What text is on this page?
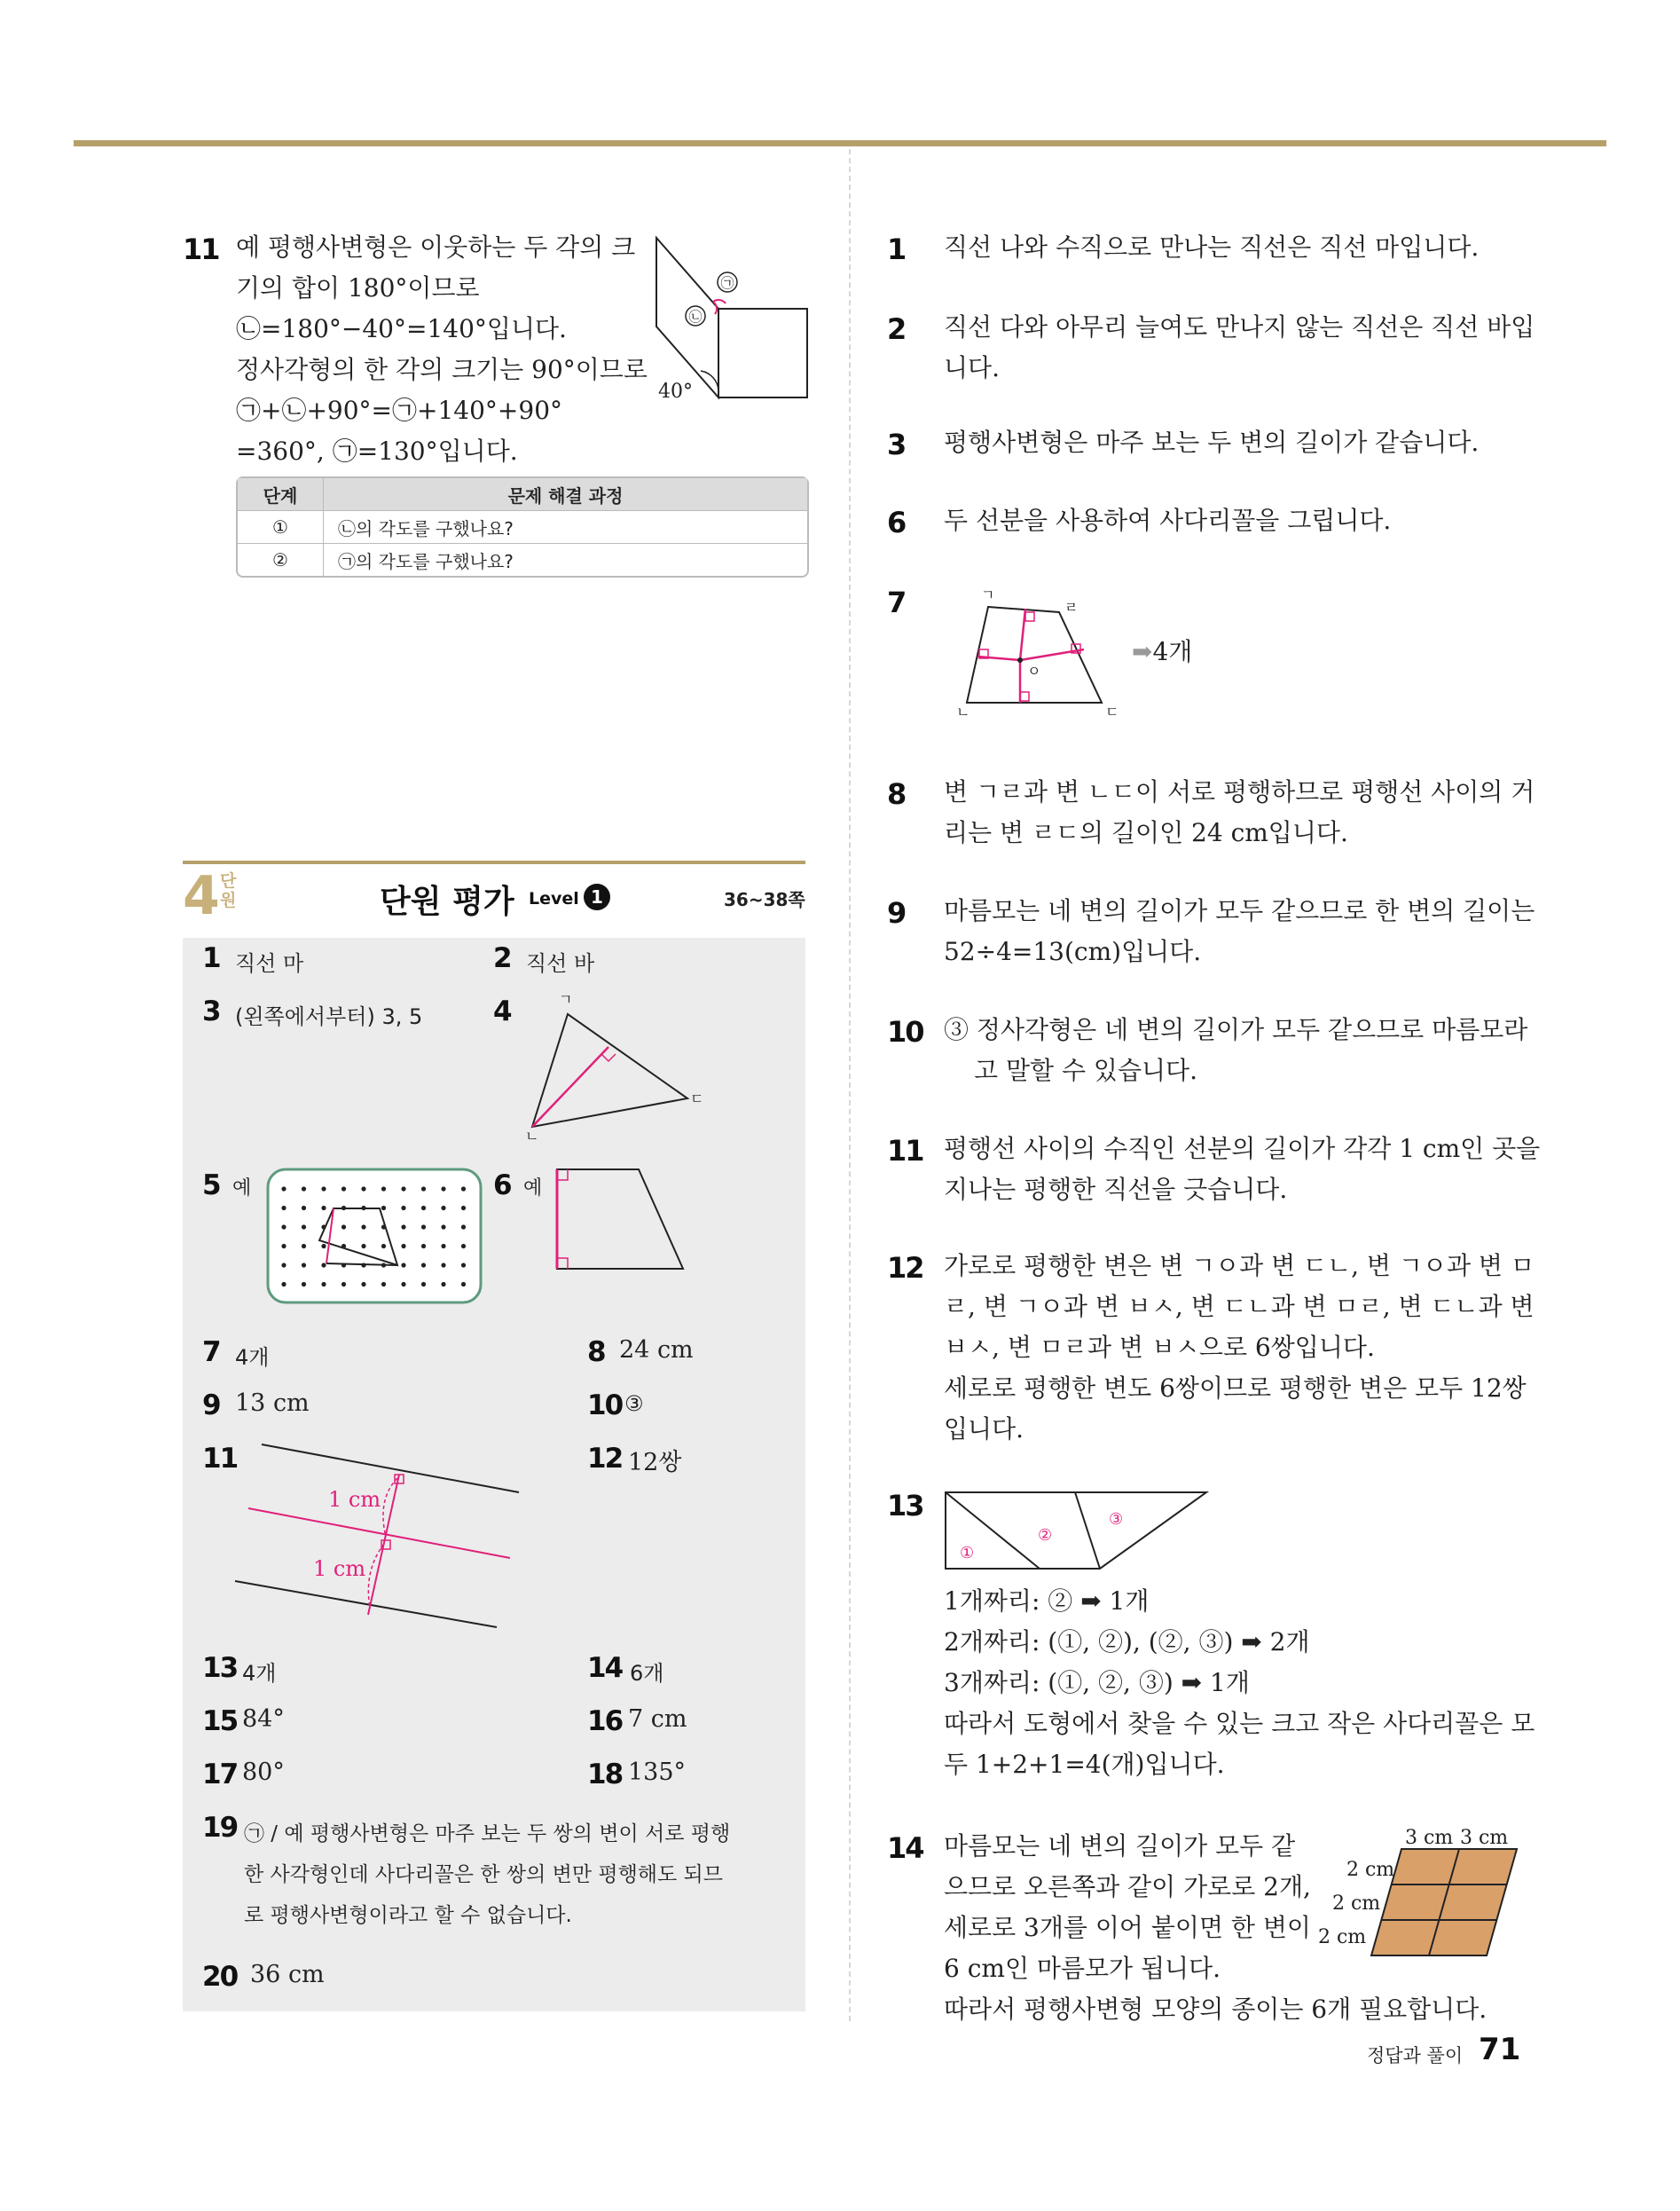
11 예 평행사변형은 이웃하는 두 각의 크
기의 합이 180°이므로
㉡=180°−40°=140°입니다.
정사각형의 한 각의 크기는 90°이므로
㉠+㉡+90°=㉠+140°+90°
=360°, ㉠=130°입니다.
㉠
㉡
40°
단계	문제 해결 과정
①	㉡의 각도를 구했나요?
②	㉠의 각도를 구했나요?
4 단원	단원 평가 Level 1	36~38쪽
1 직선 마	2 직선 바
3 (왼쪽에서부터) 3, 5	4	ㄱ
ㄴ
ㄷ
5 예	6 예
7 4개	8 24 cm
9 13 cm	10 ③
11
1 cm
1 cm
12 12쌍
13 4개	14 6개
15 84°	16 7 cm
17 80°	18 135°
19 ㉠ / 예 평행사변형은 마주 보는 두 쌍의 변이 서로 평행
한 사각형인데 사다리꼴은 한 쌍의 변만 평행해도 되므
로 평행사변형이라고 할 수 없습니다.
20 36 cm
1 직선 나와 수직으로 만나는 직선은 직선 마입니다.
2 직선 다와 아무리 늘여도 만나지 않는 직선은 직선 바입
니다.
3 평행사변형은 마주 보는 두 변의 길이가 같습니다.
6 두 선분을 사용하여 사다리꼴을 그립니다.
7	ㄱ
ㄹ
ㄴ	ㄷ
ㅇ
➡4개
8 변 ㄱㄹ과 변 ㄴㄷ이 서로 평행하므로 평행선 사이의 거
리는 변 ㄹㄷ의 길이인 24 cm입니다.
9 마름모는 네 변의 길이가 모두 같으므로 한 변의 길이는
52÷4=13(cm)입니다.
10 ③ 정사각형은 네 변의 길이가 모두 같으므로 마름모라
고 말할 수 있습니다.
11 평행선 사이의 수직인 선분의 길이가 각각 1 cm인 곳을
지나는 평행한 직선을 긋습니다.
12 가로로 평행한 변은 변 ㄱㅇ과 변 ㄷㄴ, 변 ㄱㅇ과 변 ㅁ
ㄹ, 변 ㄱㅇ과 변 ㅂㅅ, 변 ㄷㄴ과 변 ㅁㄹ, 변 ㄷㄴ과 변
ㅂㅅ, 변 ㅁㄹ과 변 ㅂㅅ으로 6쌍입니다.
세로로 평행한 변도 6쌍이므로 평행한 변은 모두 12쌍
입니다.
13
①
②
③
1개짜리: ② ➡ 1개
2개짜리: (①, ②), (②, ③) ➡ 2개
3개짜리: (①, ②, ③) ➡ 1개
따라서 도형에서 찾을 수 있는 크고 작은 사다리꼴은 모
두 1+2+1=4(개)입니다.
14 마름모는 네 변의 길이가 모두 같
으므로 오른쪽과 같이 가로로 2개,
세로로 3개를 이어 붙이면 한 변이
6 cm인 마름모가 됩니다.
따라서 평행사변형 모양의 종이는 6개 필요합니다.
3 cm 3 cm
2 cm
2 cm
2 cm
정답과 풀이 71
